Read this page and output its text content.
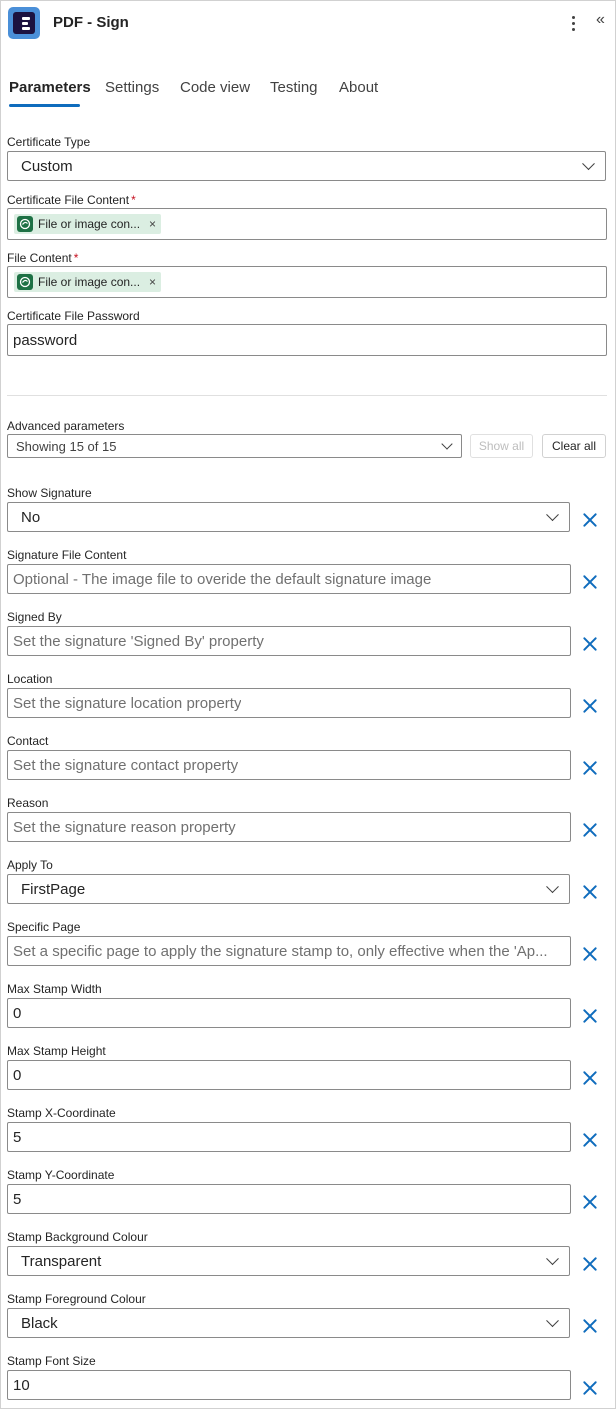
PDF - Sign	«
Parameters Settings Code view Testing About
Certificate Type
Custom
Certificate File Content *
File or image con... ×
File Content *
File or image con... ×
Certificate File Password
password
Advanced parameters
Showing 15 of 15	Show all	Clear all
Show Signature
No
Signature File Content
Optional - The image file to overide the default signature image
Signed By
Set the signature 'Signed By' property
Location
Set the signature location property
Contact
Set the signature contact property
Reason
Set the signature reason property
Apply To
FirstPage
Specific Page
Set a specific page to apply the signature stamp to, only effective when the 'Ap...
Max Stamp Width
0
Max Stamp Height
0
Stamp X-Coordinate
5
Stamp Y-Coordinate
5
Stamp Background Colour
Transparent
Stamp Foreground Colour
Black
Stamp Font Size
10
